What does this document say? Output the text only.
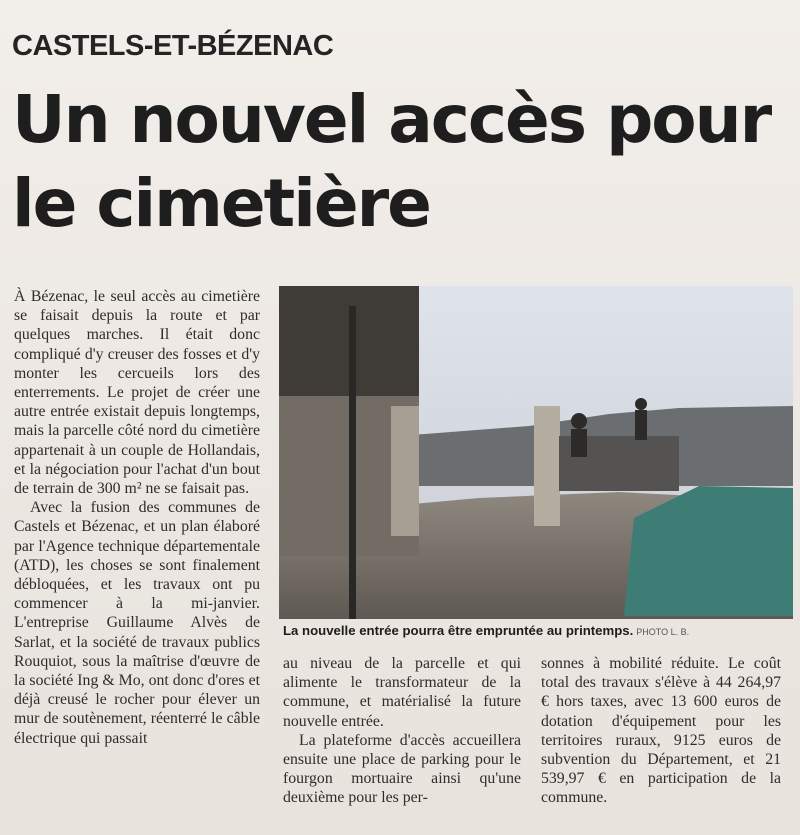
CASTELS-ET-BÉZENAC
Un nouvel accès pour le cimetière

À Bézenac, le seul accès au cimetière se faisait depuis la route et par quelques marches. Il était donc compliqué d'y creuser des fosses et d'y monter les cercueils lors des enterrements. Le projet de créer une autre entrée existait depuis longtemps, mais la parcelle côté nord du cimetière appartenait à un couple de Hollandais, et la négociation pour l'achat d'un bout de terrain de 300 m² ne se faisait pas.

Avec la fusion des communes de Castels et Bézenac, et un plan élaboré par l'Agence technique départementale (ATD), les choses se sont finalement débloquées, et les travaux ont pu commencer à la mi-janvier. L'entreprise Guillaume Alvès de Sarlat, et la société de travaux publics Rouquiot, sous la maîtrise d'œuvre de la société Ing & Mo, ont donc d'ores et déjà creusé le rocher pour élever un mur de soutènement, réenterré le câble électrique qui passait

La nouvelle entrée pourra être empruntée au printemps. PHOTO L. B.

au niveau de la parcelle et qui alimente le transformateur de la commune, et matérialisé la future nouvelle entrée.

La plateforme d'accès accueillera ensuite une place de parking pour le fourgon mortuaire ainsi qu'une deuxième pour les per-

sonnes à mobilité réduite. Le coût total des travaux s'élève à 44 264,97 € hors taxes, avec 13 600 euros de dotation d'équipement pour les territoires ruraux, 9125 euros de subvention du Département, et 21 539,97 € en participation de la commune.
